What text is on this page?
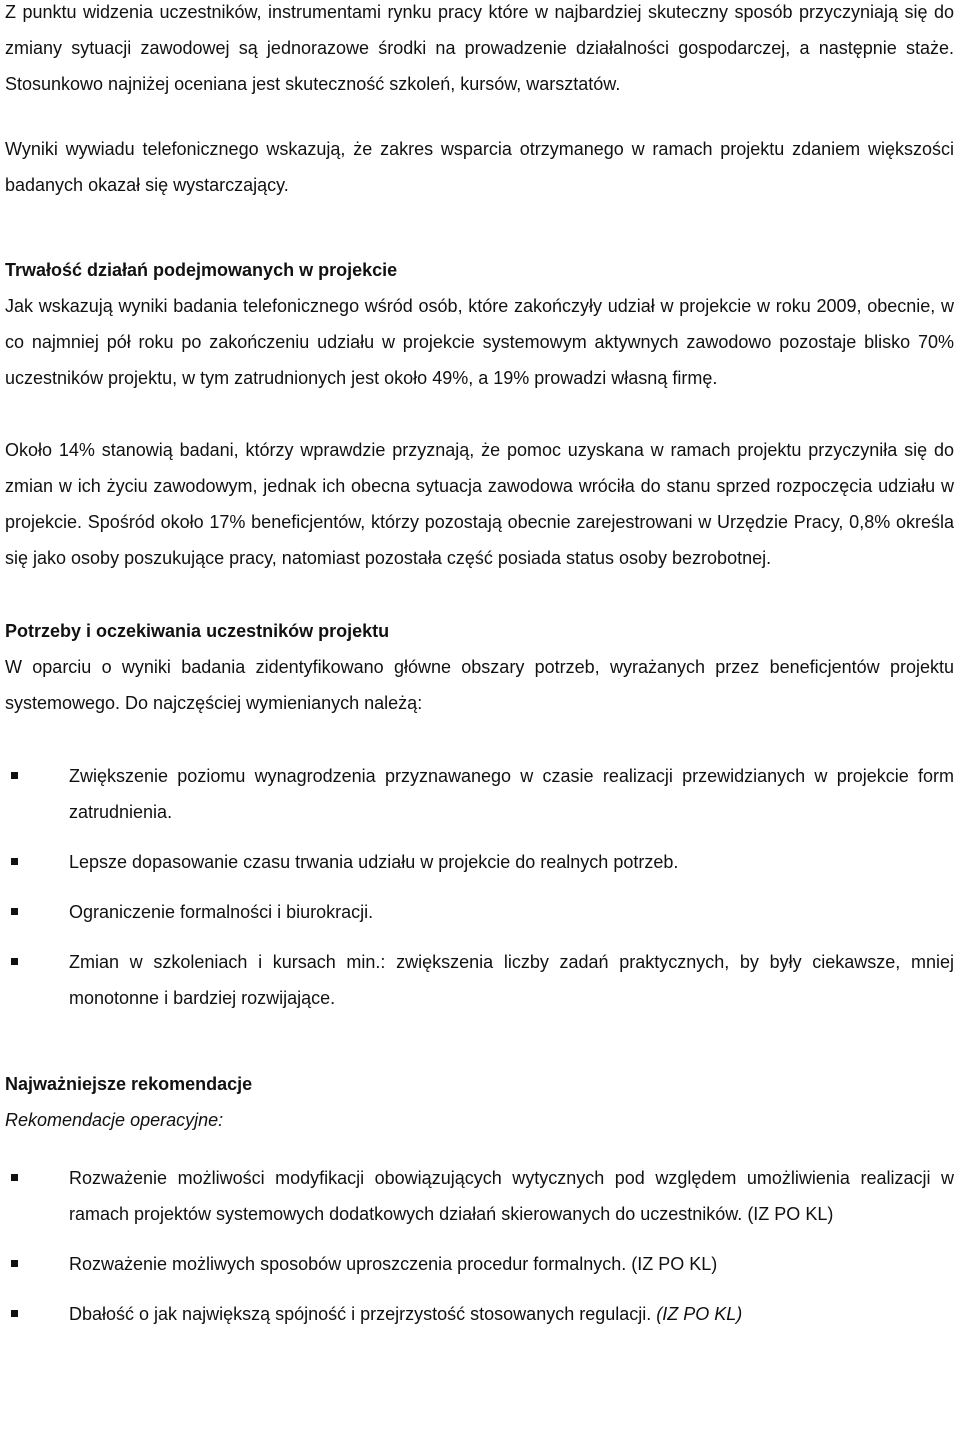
Z punktu widzenia uczestników, instrumentami rynku pracy które w najbardziej skuteczny sposób przyczyniają się do zmiany sytuacji zawodowej są jednorazowe środki na prowadzenie działalności gospodarczej, a następnie staże. Stosunkowo najniżej oceniana jest skuteczność szkoleń, kursów, warsztatów.

Wyniki wywiadu telefonicznego wskazują, że zakres wsparcia otrzymanego w ramach projektu zdaniem większości badanych okazał się wystarczający.

Trwałość działań podejmowanych w projekcie

Jak wskazują wyniki badania telefonicznego wśród osób, które zakończyły udział w projekcie w roku 2009, obecnie, w co najmniej pół roku po zakończeniu udziału w projekcie systemowym aktywnych zawodowo pozostaje blisko 70% uczestników projektu, w tym zatrudnionych jest około 49%, a 19% prowadzi własną firmę.

Około 14% stanowią badani, którzy wprawdzie przyznają, że pomoc uzyskana w ramach projektu przyczyniła się do zmian w ich życiu zawodowym, jednak ich obecna sytuacja zawodowa wróciła do stanu sprzed rozpoczęcia udziału w projekcie. Spośród około 17% beneficjentów, którzy pozostają obecnie zarejestrowani w Urzędzie Pracy, 0,8% określa się jako osoby poszukujące pracy, natomiast pozostała część posiada status osoby bezrobotnej.

Potrzeby i oczekiwania uczestników projektu

W oparciu o wyniki badania zidentyfikowano główne obszary potrzeb, wyrażanych przez beneficjentów projektu systemowego. Do najczęściej wymienianych należą:

Zwiększenie poziomu wynagrodzenia przyznawanego w czasie realizacji przewidzianych w projekcie form zatrudnienia.
Lepsze dopasowanie czasu trwania udziału w projekcie do realnych potrzeb.
Ograniczenie formalności i biurokracji.
Zmian w szkoleniach i kursach min.: zwiększenia liczby zadań praktycznych, by były ciekawsze, mniej monotonne i bardziej rozwijające.
Najważniejsze rekomendacje
Rekomendacje operacyjne:
Rozważenie możliwości modyfikacji obowiązujących wytycznych pod względem umożliwienia realizacji w ramach projektów systemowych dodatkowych działań skierowanych do uczestników. (IZ PO KL)
Rozważenie możliwych sposobów uproszczenia procedur formalnych. (IZ PO KL)
Dbałość o jak największą spójność i przejrzystość stosowanych regulacji. (IZ PO KL)
